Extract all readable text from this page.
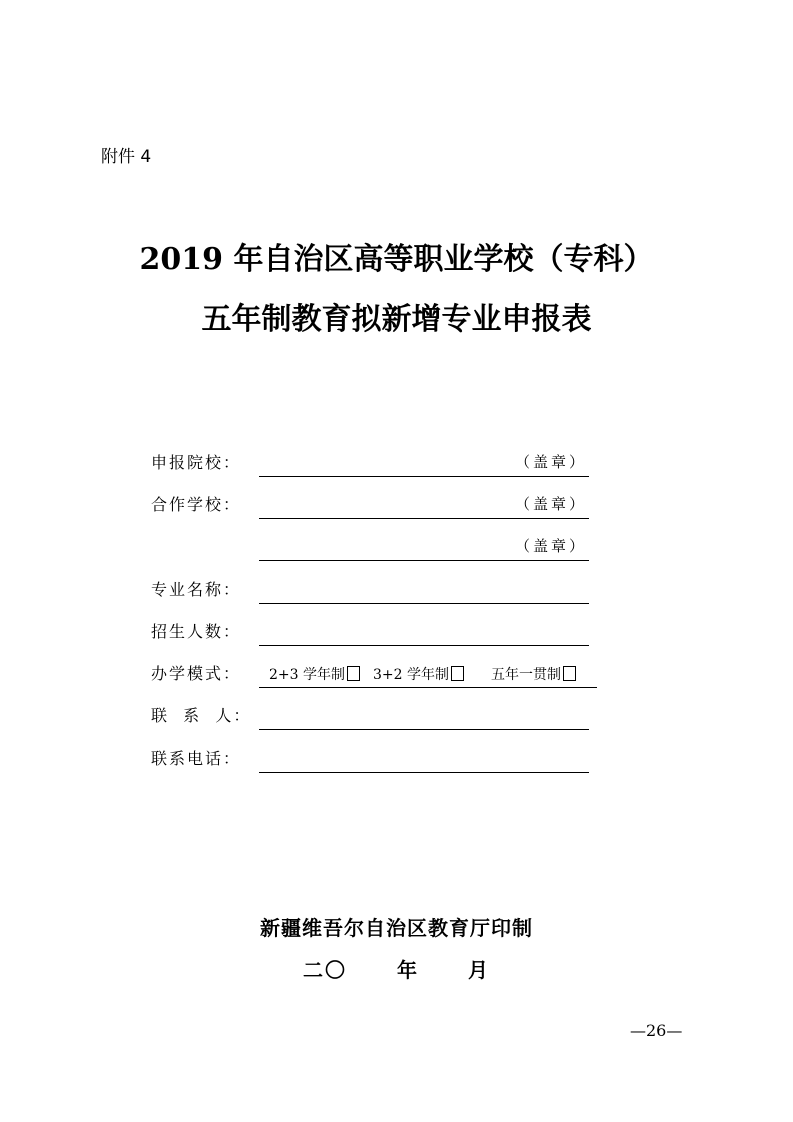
附件 4
2019 年自治区高等职业学校（专科）
五年制教育拟新增专业申报表
申报院校：	（盖章）
合作学校：	（盖章）
（盖章）
专业名称：
招生人数：
办学模式： 2+3 学年制	3+2 学年制	五年一贯制
联  系  人：
联系电话：
新疆维吾尔自治区教育厅印制
二〇	年	月
—26—
